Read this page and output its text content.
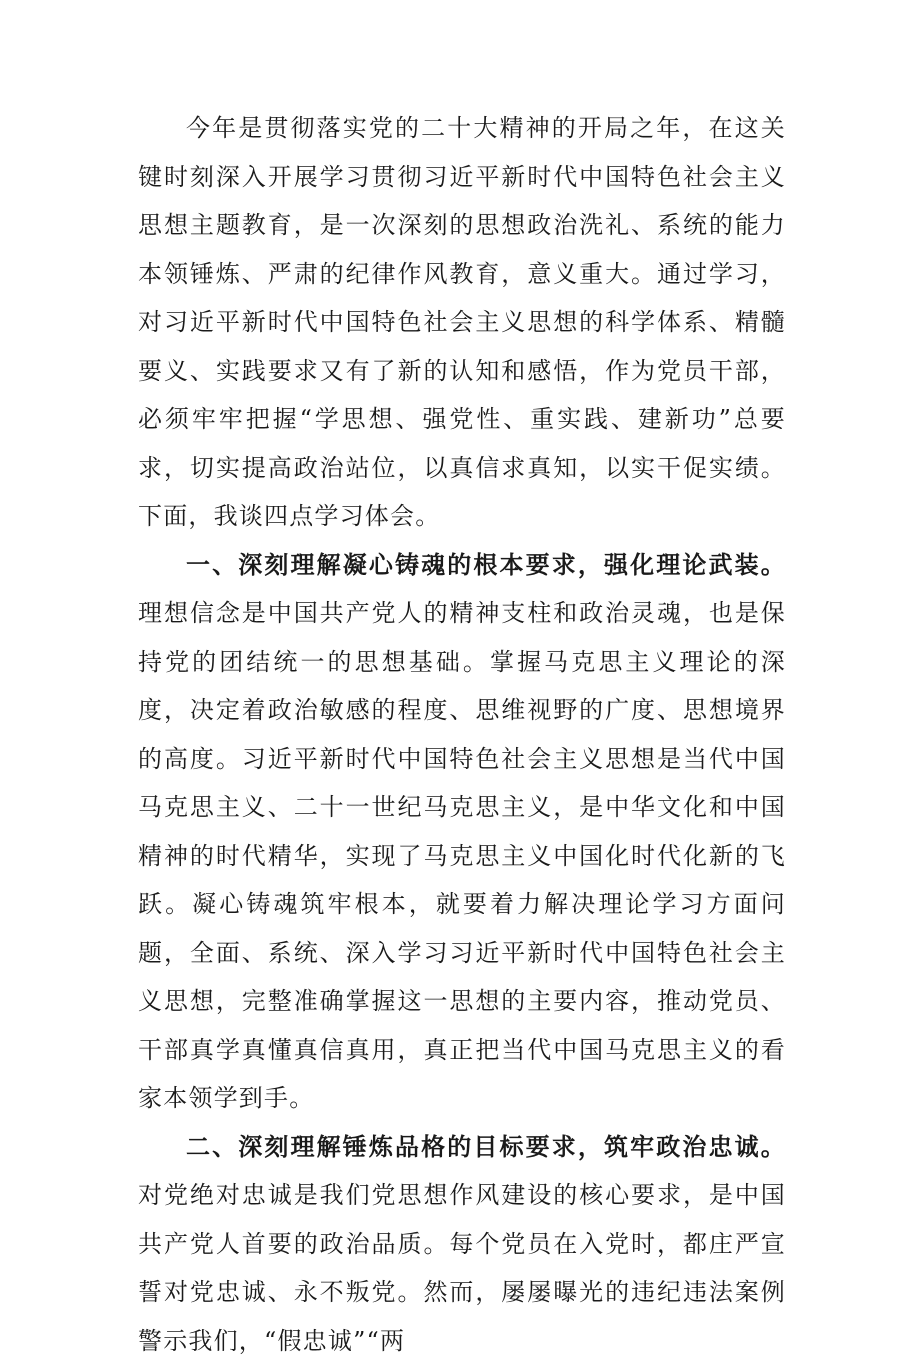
今年是贯彻落实党的二十大精神的开局之年，在这关键时刻深入开展学习贯彻习近平新时代中国特色社会主义思想主题教育，是一次深刻的思想政治洗礼、系统的能力本领锤炼、严肃的纪律作风教育，意义重大。通过学习，对习近平新时代中国特色社会主义思想的科学体系、精髓要义、实践要求又有了新的认知和感悟，作为党员干部，必须牢牢把握“学思想、强党性、重实践、建新功”总要求，切实提高政治站位，以真信求真知，以实干促实绩。下面，我谈四点学习体会。

一、深刻理解凝心铸魂的根本要求，强化理论武装。理想信念是中国共产党人的精神支柱和政治灵魂，也是保持党的团结统一的思想基础。掌握马克思主义理论的深度，决定着政治敏感的程度、思维视野的广度、思想境界的高度。习近平新时代中国特色社会主义思想是当代中国马克思主义、二十一世纪马克思主义，是中华文化和中国精神的时代精华，实现了马克思主义中国化时代化新的飞跃。凝心铸魂筑牢根本，就要着力解决理论学习方面问题，全面、系统、深入学习习近平新时代中国特色社会主义思想，完整准确掌握这一思想的主要内容，推动党员、干部真学真懂真信真用，真正把当代中国马克思主义的看家本领学到手。

二、深刻理解锤炼品格的目标要求，筑牢政治忠诚。对党绝对忠诚是我们党思想作风建设的核心要求，是中国共产党人首要的政治品质。每个党员在入党时，都庄严宣誓对党忠诚、永不叛党。然而，屡屡曝光的违纪违法案例警示我们，“假忠诚”“两
